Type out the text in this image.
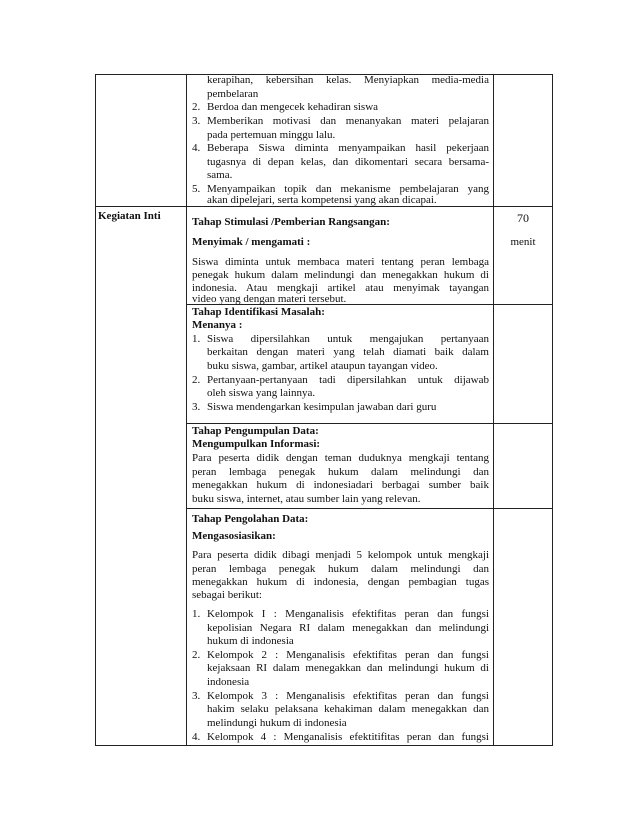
kerapihan, kebersihan kelas. Menyiapkan media-media

pembelaran

2. Berdoa dan mengecek kehadiran siswa

3. Memberikan motivasi dan menanyakan materi pelajaran

pada pertemuan minggu lalu.

4. Beberapa Siswa diminta menyampaikan hasil pekerjaan

tugasnya di depan kelas, dan dikomentari secara bersama-

sama.

5. Menyampaikan topik dan mekanisme pembelajaran yang

akan dipelejari, serta kompetensi yang akan dicapai.

Kegiatan Inti	70

menit

Tahap Stimulasi /Pemberian Rangsangan:

Menyimak / mengamati :

Siswa diminta untuk membaca materi tentang peran lembaga

penegak hukum dalam melindungi dan menegakkan hukum di

indonesia. Atau mengkaji artikel atau menyimak tayangan

video yang dengan materi tersebut.

Tahap Identifikasi Masalah:

Menanya :

1. Siswa dipersilahkan untuk mengajukan pertanyaan

berkaitan dengan materi yang telah diamati baik dalam

buku siswa, gambar, artikel ataupun tayangan video.

2. Pertanyaan-pertanyaan tadi dipersilahkan untuk dijawab

oleh siswa yang lainnya.

3. Siswa mendengarkan kesimpulan jawaban dari guru

Tahap Pengumpulan Data:

Mengumpulkan Informasi:

Para peserta didik dengan teman duduknya mengkaji tentang

peran lembaga penegak hukum dalam melindungi dan

menegakkan hukum di indonesiadari berbagai sumber baik

buku siswa, internet, atau sumber lain yang relevan.

Tahap Pengolahan Data:

Mengasosiasikan:

Para peserta didik dibagi menjadi 5 kelompok untuk mengkaji

peran lembaga penegak hukum dalam melindungi dan

menegakkan hukum di indonesia, dengan pembagian tugas

sebagai berikut:

1. Kelompok I : Menganalisis efektifitas peran dan fungsi

kepolisian Negara RI dalam menegakkan dan melindungi

hukum di indonesia

2. Kelompok 2 : Menganalisis efektifitas peran dan fungsi

kejaksaan RI dalam menegakkan dan melindungi hukum di

indonesia

3. Kelompok 3 : Menganalisis efektifitas peran dan fungsi

hakim selaku pelaksana kehakiman dalam menegakkan dan

melindungi hukum di indonesia

4. Kelompok 4 : Menganalisis efektitifitas peran dan fungsi
